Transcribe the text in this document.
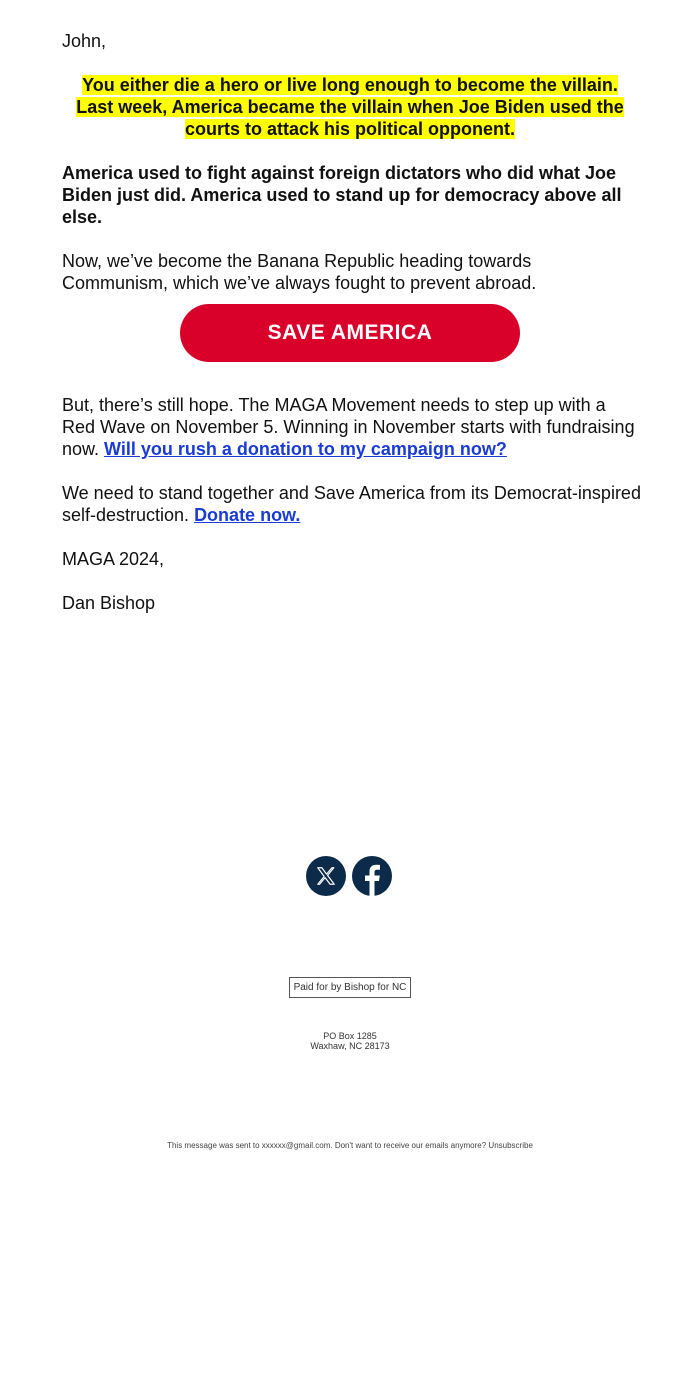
John,

You either die a hero or live long enough to become the villain.
Last week, America became the villain when Joe Biden used the
courts to attack his political opponent.

America used to fight against foreign dictators who did what Joe Biden just did. America used to stand up for democracy above all else.

Now, we’ve become the Banana Republic heading towards Communism, which we’ve always fought to prevent abroad.

SAVE AMERICA

But, there’s still hope. The MAGA Movement needs to step up with a Red Wave on November 5. Winning in November starts with fundraising now. Will you rush a donation to my campaign now?

We need to stand together and Save America from its Democrat-inspired self-destruction. Donate now.

MAGA 2024,

Dan Bishop

Paid for by Bishop for NC
PO Box 1285
Waxhaw, NC 28173
This message was sent to xxxxxx@gmail.com. Don't want to receive our emails anymore? Unsubscribe
